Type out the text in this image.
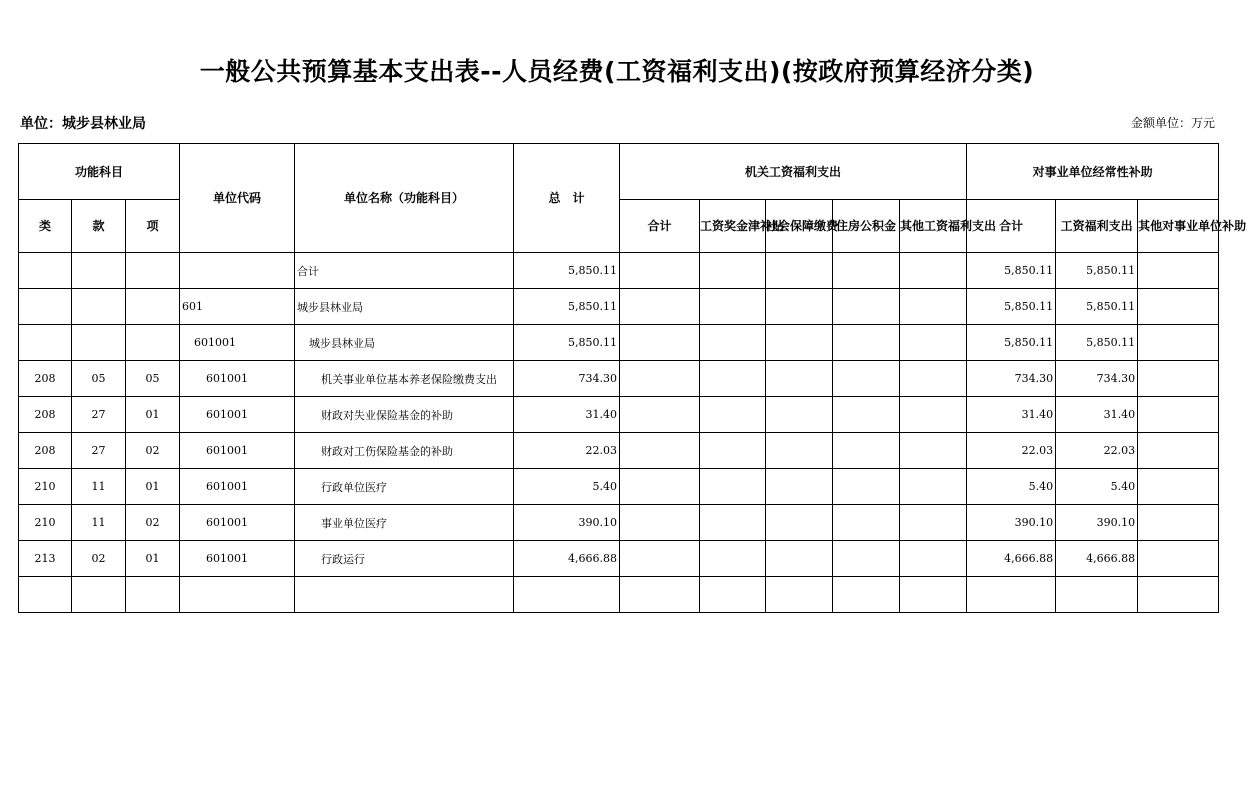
一般公共预算基本支出表--人员经费(工资福利支出)(按政府预算经济分类)
单位：城步县林业局	金额单位：万元
功能科目			单位代码	单位名称（功能科目）	总　计	机关工资福利支出					对事业单位经常性补助		
类	款	项				合计	工资奖金津补贴	社会保障缴费	住房公积金	其他工资福利支出	合计	工资福利支出	其他对事业单位补助
				合计	5,850.11						5,850.11	5,850.11	
			601	城步县林业局	5,850.11						5,850.11	5,850.11	
			601001	城步县林业局	5,850.11						5,850.11	5,850.11	
208	05	05	601001	机关事业单位基本养老保险缴费支出	734.30						734.30	734.30	
208	27	01	601001	财政对失业保险基金的补助	31.40						31.40	31.40	
208	27	02	601001	财政对工伤保险基金的补助	22.03						22.03	22.03	
210	11	01	601001	行政单位医疗	5.40						5.40	5.40	
210	11	02	601001	事业单位医疗	390.10						390.10	390.10	
213	02	01	601001	行政运行	4,666.88						4,666.88	4,666.88	
